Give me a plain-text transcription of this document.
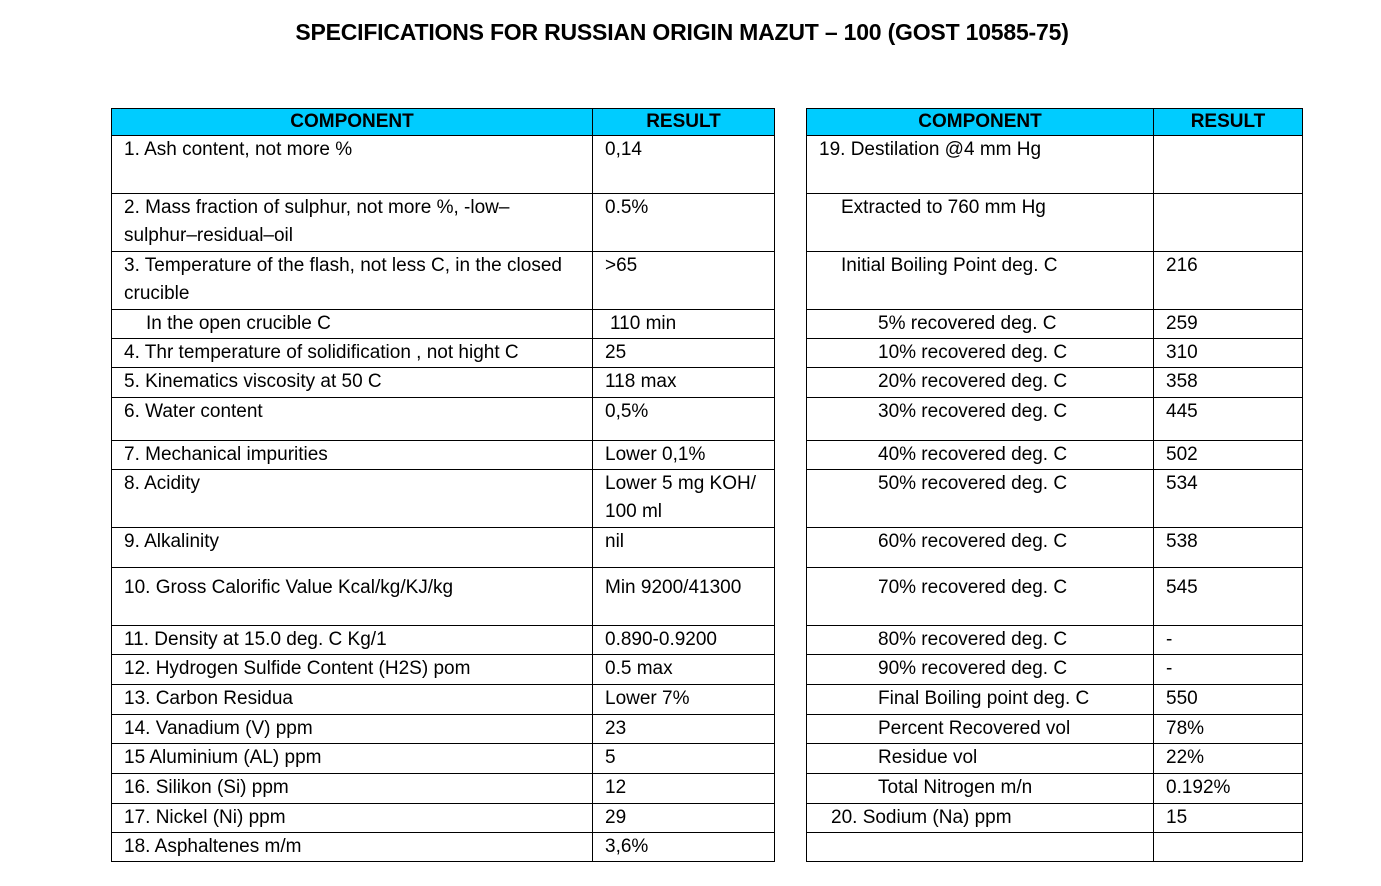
SPECIFICATIONS FOR RUSSIAN ORIGIN MAZUT – 100 (GOST 10585-75)
COMPONENT	RESULT
1. Ash content, not more %	0,14
2. Mass fraction of sulphur, not more %, -low–sulphur–residual–oil	0.5%
3. Temperature of the flash, not less C, in the closed crucible	>65
In the open crucible C	110 min
4. Thr temperature of solidification , not hight C	25
5. Kinematics viscosity at 50 C	118 max
6. Water content	0,5%
7. Mechanical impurities	Lower 0,1%
8. Acidity	Lower 5 mg KOH/ 100 ml
9. Alkalinity	nil
10. Gross Calorific Value Kcal/kg/KJ/kg	Min 9200/41300
11. Density at 15.0 deg. C Kg/1	0.890-0.9200
12. Hydrogen Sulfide Content (H2S) pom	0.5 max
13. Carbon Residua	Lower 7%
14. Vanadium (V) ppm	23
15 Aluminium (AL) ppm	5
16. Silikon (Si) ppm	12
17. Nickel (Ni) ppm	29
18. Asphaltenes m/m	3,6%
COMPONENT	RESULT
19. Destilation @4 mm Hg	
Extracted to 760 mm Hg	
Initial Boiling Point deg. C	216
5% recovered deg. C	259
10% recovered deg. C	310
20% recovered deg. C	358
30% recovered deg. C	445
40% recovered deg. C	502
50% recovered deg. C	534
60% recovered deg. C	538
70% recovered deg. C	545
80% recovered deg. C	-
90% recovered deg. C	-
Final Boiling point deg. C	550
Percent Recovered vol	78%
Residue vol	22%
Total Nitrogen m/n	0.192%
20. Sodium (Na) ppm	15
